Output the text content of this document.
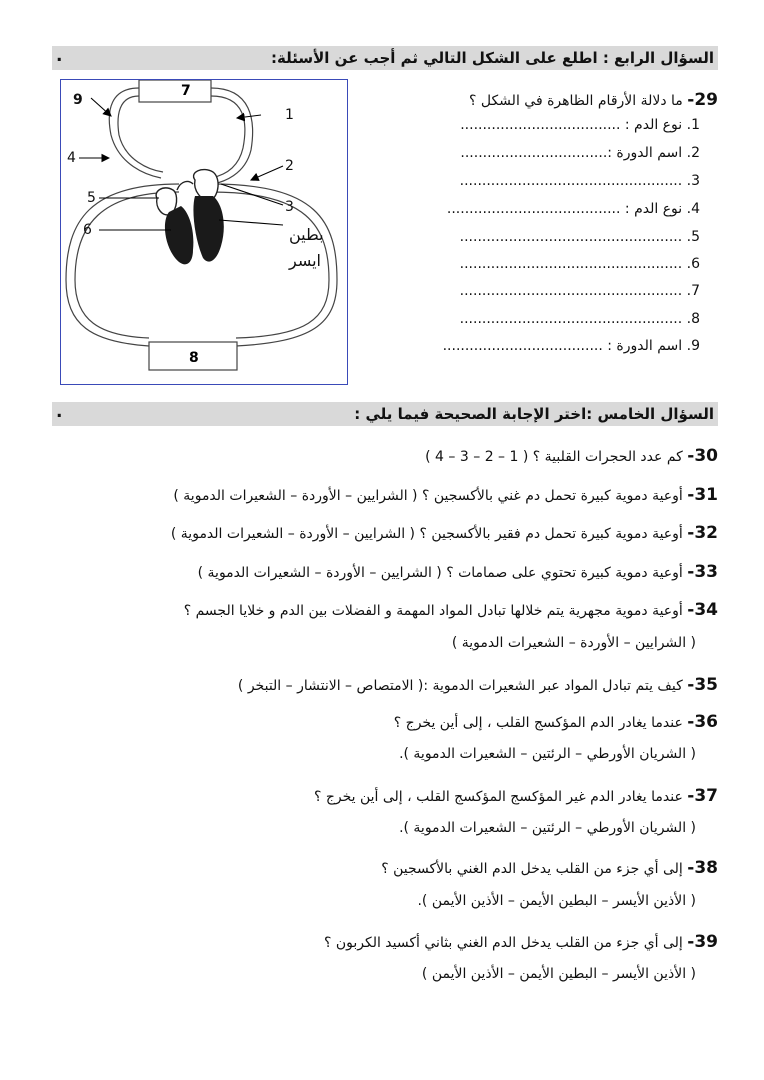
السؤال الرابع : اطلع على الشكل التالي ثم أجب عن الأسئلة:
.
7
8
1
2
3
4
5
6
9
بطين
ايسر
29- ما دلالة الأرقام الظاهرة في الشكل ؟
1. نوع الدم : ....................................
2. اسم الدورة :.................................
3. ..................................................
4. نوع الدم : .......................................
5. ..................................................
6. ..................................................
7. ..................................................
8. ..................................................
9. اسم الدورة : ....................................
السؤال الخامس :اختر الإجابة الصحيحة فيما يلي :
.
30- كم عدد الحجرات القلبية ؟ ( 1 – 2 – 3 – 4 )
31- أوعية دموية كبيرة تحمل دم غني بالأكسجين ؟ ( الشرايين – الأوردة – الشعيرات الدموية )
32- أوعية دموية كبيرة تحمل دم فقير بالأكسجين ؟ ( الشرايين – الأوردة – الشعيرات الدموية )
33- أوعية دموية كبيرة تحتوي على صمامات ؟ ( الشرايين – الأوردة – الشعيرات الدموية )
34- أوعية دموية مجهرية يتم خلالها تبادل المواد المهمة و الفضلات بين الدم و خلايا الجسم ؟
( الشرايين – الأوردة – الشعيرات الدموية )
35- كيف يتم تبادل المواد عبر الشعيرات الدموية :( الامتصاص – الانتشار – التبخر )
36- عندما يغادر الدم المؤكسج القلب ، إلى أين يخرج ؟
( الشريان الأورطي – الرئتين – الشعيرات الدموية ).
37- عندما يغادر الدم غير المؤكسج المؤكسج القلب ، إلى أين يخرج ؟
( الشريان الأورطي – الرئتين – الشعيرات الدموية ).
38- إلى أي جزء من القلب يدخل الدم الغني بالأكسجين ؟
( الأذين الأيسر – البطين الأيمن – الأذين الأيمن ).
39- إلى أي جزء من القلب يدخل الدم الغني بثاني أكسيد الكربون ؟
( الأذين الأيسر – البطين الأيمن – الأذين الأيمن )
